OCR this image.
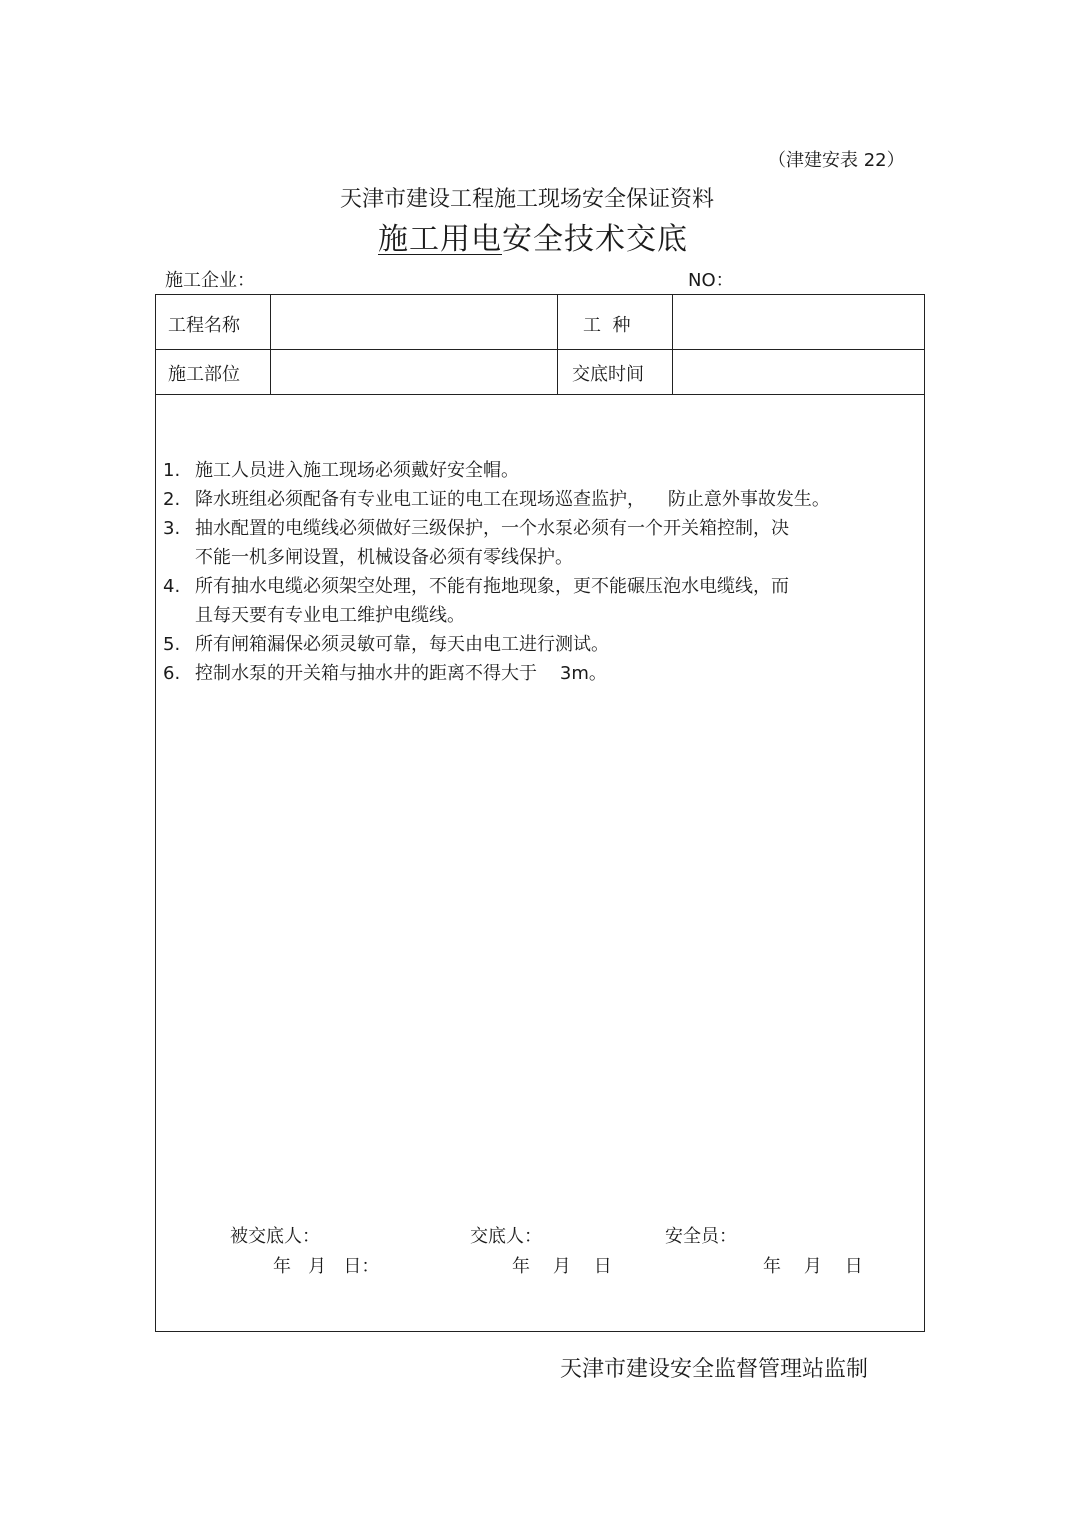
（津建安表 22）
天津市建设工程施工现场安全保证资料
施工用电安全技术交底
施工企业：	NO：
工程名称	工  种
施工部位	交底时间
1. 施工人员进入施工现场必须戴好安全帽。
2. 降水班组必须配备有专业电工证的电工在现场巡查监护，    防止意外事故发生。
3. 抽水配置的电缆线必须做好三级保护，一个水泵必须有一个开关箱控制，决
不能一机多闸设置，机械设备必须有零线保护。
4. 所有抽水电缆必须架空处理，不能有拖地现象，更不能碾压泡水电缆线，而
且每天要有专业电工维护电缆线。
5. 所有闸箱漏保必须灵敏可靠，每天由电工进行测试。
6. 控制水泵的开关箱与抽水井的距离不得大于    3m。
被交底人：	交底人：	安全员：
年   月   日：	年    月    日	年    月    日
天津市建设安全监督管理站监制
